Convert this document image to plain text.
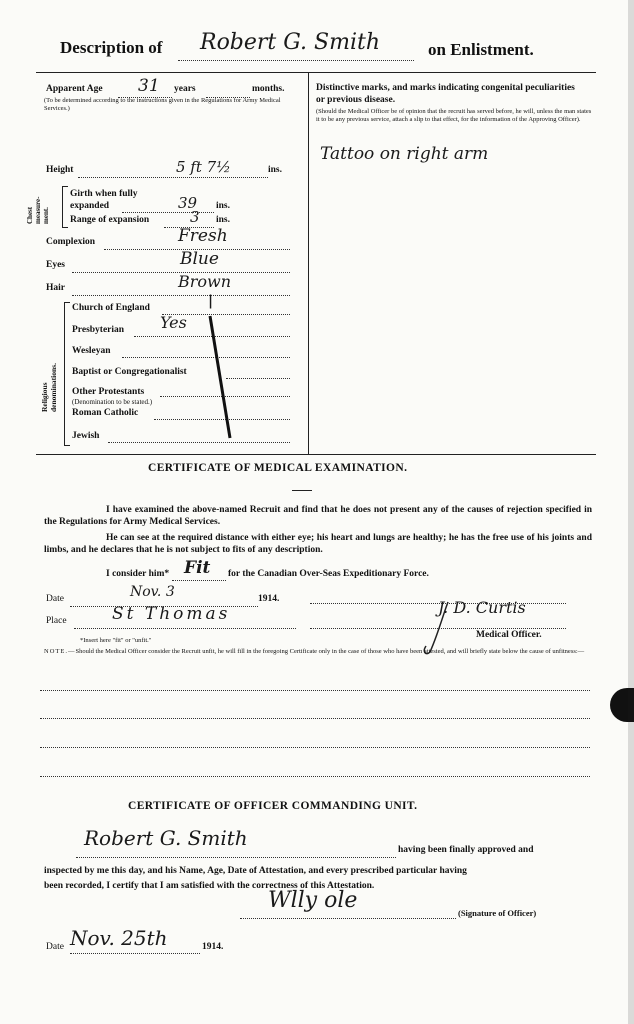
Description of Robert G. Smith	on Enlistment.
Apparent Age 31 years	months.
(To be determined according to the instructions given in the Regulations for Army Medical Services.)
Height	5 ft 7½	ins.
Chest measure-ment.
Girth when fully expanded	39 ins.
Range of expansion	3 ins.
Complexion	Fresh
Eyes	Blue
Hair	Brown
Religious denominations.
Church of England	|
Presbyterian Yes
Wesleyan
Baptist or Congregationalist
Other Protestants
(Denomination to be stated.)
Roman Catholic
Jewish
Distinctive marks, and marks indicating congenital peculiarities or previous disease.
(Should the Medical Officer be of opinion that the recruit has served before, he will, unless the man states it to be any previous service, attach a slip to that effect, for the information of the Approving Officer).
Tattoo on right arm
CERTIFICATE OF MEDICAL EXAMINATION.
I have examined the above-named Recruit and find that he does not present any of the causes of rejection specified in the Regulations for Army Medical Services.
He can see at the required distance with either eye; his heart and lungs are healthy; he has the free use of his joints and limbs, and he declares that he is not subject to fits of any description.
I consider him* Fit for the Canadian Over-Seas Expeditionary Force.
Date	Nov. 3	1914.
Place	St Thomas	J. D. Curtis
Medical Officer.
*Insert here "fit" or "unfit."
NOTE.—Should the Medical Officer consider the Recruit unfit, he will fill in the foregoing Certificate only in the case of those who have been attested, and will briefly state below the cause of unfitness:—
CERTIFICATE OF OFFICER COMMANDING UNIT.
Robert G. Smith	having been finally approved and
inspected by me this day, and his Name, Age, Date of Attestation, and every prescribed particular having
been recorded, I certify that I am satisfied with the correctness of this Attestation.
Wlly ole	(Signature of Officer)
Date Nov. 25th	1914.
